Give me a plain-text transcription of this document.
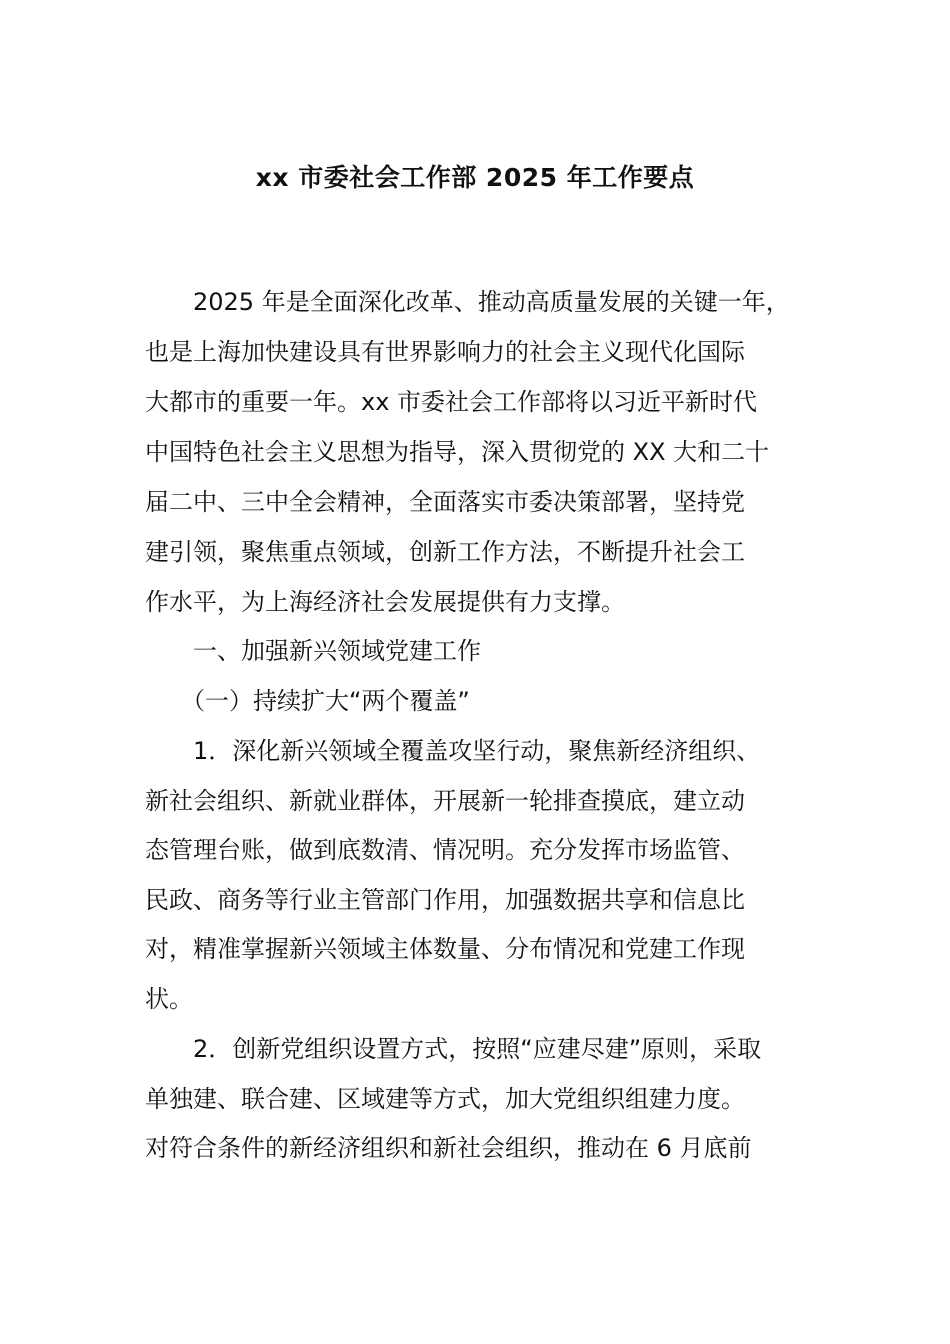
xx 市委社会工作部 2025 年工作要点
　　2025 年是全面深化改革、推动高质量发展的关键一年，
也是上海加快建设具有世界影响力的社会主义现代化国际
大都市的重要一年。xx 市委社会工作部将以习近平新时代
中国特色社会主义思想为指导，深入贯彻党的 XX 大和二十
届二中、三中全会精神，全面落实市委决策部署，坚持党
建引领，聚焦重点领域，创新工作方法，不断提升社会工
作水平，为上海经济社会发展提供有力支撑。
　　一、加强新兴领域党建工作
　　（一）持续扩大“两个覆盖”
　　1．深化新兴领域全覆盖攻坚行动，聚焦新经济组织、
新社会组织、新就业群体，开展新一轮排查摸底，建立动
态管理台账，做到底数清、情况明。充分发挥市场监管、
民政、商务等行业主管部门作用，加强数据共享和信息比
对，精准掌握新兴领域主体数量、分布情况和党建工作现
状。
　　2．创新党组织设置方式，按照“应建尽建”原则，采取
单独建、联合建、区域建等方式，加大党组织组建力度。
对符合条件的新经济组织和新社会组织，推动在 6 月底前
